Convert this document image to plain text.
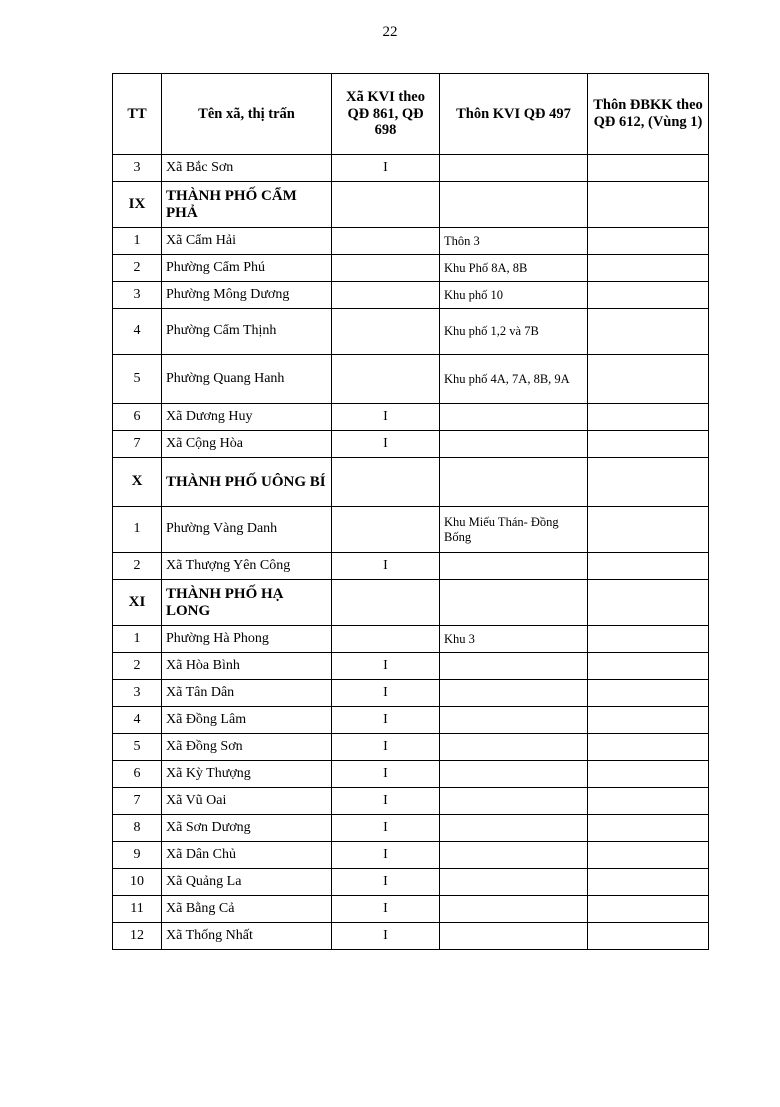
22
TT	Tên xã, thị trấn	Xã KVI theo QĐ 861, QĐ 698	Thôn KVI QĐ 497	Thôn ĐBKK theo QĐ 612, (Vùng 1)
3	Xã Bắc Sơn	I		
IX	THÀNH PHỐ CẨM PHẢ			
1	Xã Cẩm Hải		Thôn 3	
2	Phường Cẩm Phú		Khu Phố 8A, 8B	
3	Phường Mông Dương		Khu phố 10	
4	Phường Cẩm Thịnh		Khu phố 1,2 và 7B	
5	Phường Quang Hanh		Khu phố 4A, 7A, 8B, 9A	
6	Xã Dương Huy	I		
7	Xã Cộng Hòa	I		
X	THÀNH PHỐ UÔNG BÍ			
1	Phường Vàng Danh		Khu Miếu Thán- Đồng Bống	
2	Xã Thượng Yên Công	I		
XI	THÀNH PHỐ HẠ LONG			
1	Phường Hà Phong		Khu 3	
2	Xã Hòa Bình	I		
3	Xã Tân Dân	I		
4	Xã Đồng Lâm	I		
5	Xã Đồng Sơn	I		
6	Xã Kỳ Thượng	I		
7	Xã Vũ Oai	I		
8	Xã Sơn Dương	I		
9	Xã Dân Chủ	I		
10	Xã Quảng La	I		
11	Xã Bằng Cả	I		
12	Xã Thống Nhất	I		
